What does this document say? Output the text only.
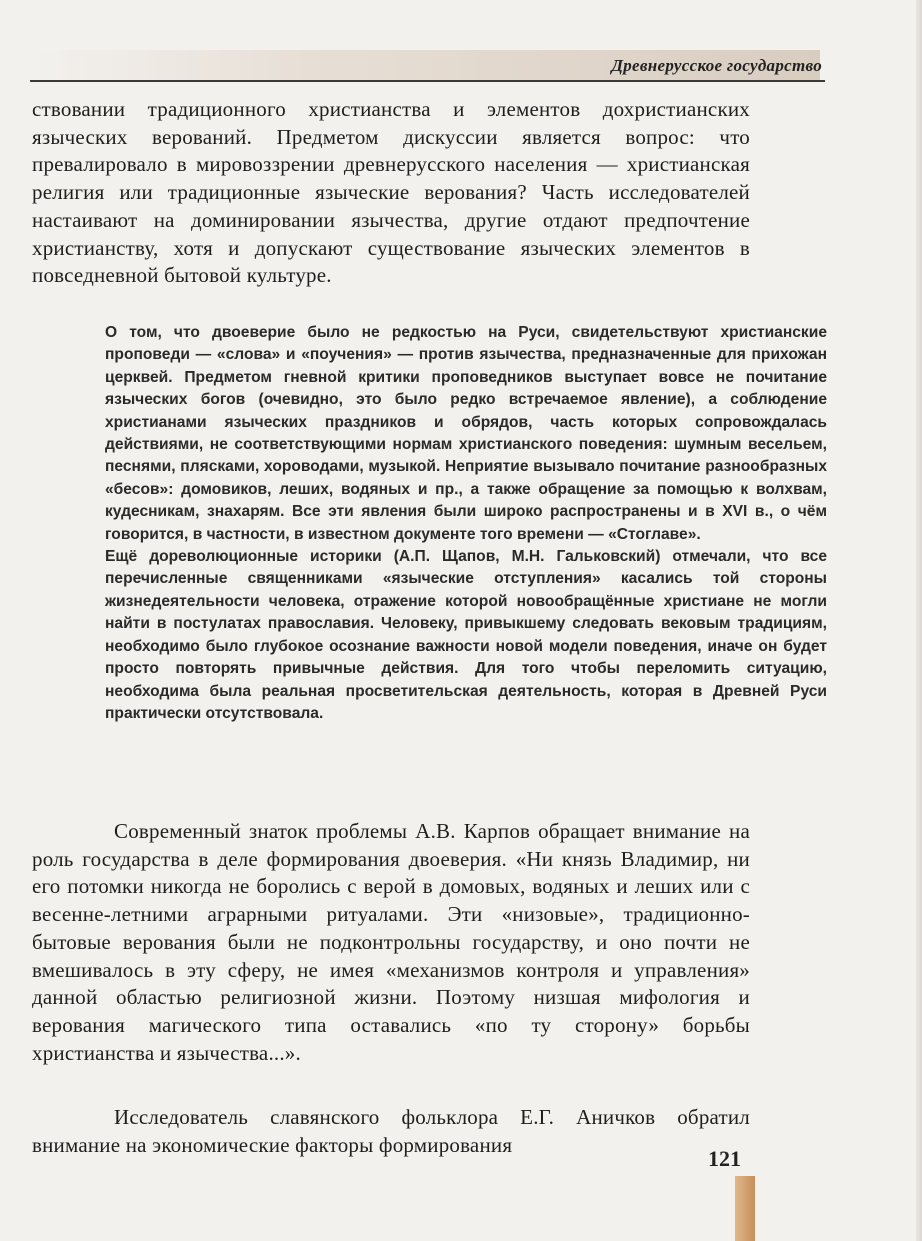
Древнерусское государство

ствовании традиционного христианства и элементов дохристианских языческих верований. Предметом дискуссии является вопрос: что превалировало в мировоззрении древнерусского населения — христианская религия или традиционные языческие верования? Часть исследователей настаивают на доминировании язычества, другие отдают предпочтение христианству, хотя и допускают существование языческих элементов в повседневной бытовой культуре.

О том, что двоеверие было не редкостью на Руси, свидетельствуют христианские проповеди — «слова» и «поучения» — против язычества, предназначенные для прихожан церквей. Предметом гневной критики проповедников выступает вовсе не почитание языческих богов (очевидно, это было редко встречаемое явление), а соблюдение христианами языческих праздников и обрядов, часть которых сопровождалась действиями, не соответствующими нормам христианского поведения: шумным весельем, песнями, плясками, хороводами, музыкой. Неприятие вызывало почитание разнообразных «бесов»: домовиков, леших, водяных и пр., а также обращение за помощью к волхвам, кудесникам, знахарям. Все эти явления были широко распространены и в XVI в., о чём говорится, в частности, в известном документе того времени — «Стоглаве».

Ещё дореволюционные историки (А.П. Щапов, М.Н. Гальковский) отмечали, что все перечисленные священниками «языческие отступления» касались той стороны жизнедеятельности человека, отражение которой новообращённые христиане не могли найти в постулатах православия. Человеку, привыкшему следовать вековым традициям, необходимо было глубокое осознание важности новой модели поведения, иначе он будет просто повторять привычные действия. Для того чтобы переломить ситуацию, необходима была реальная просветительская деятельность, которая в Древней Руси практически отсутствовала.

Современный знаток проблемы А.В. Карпов обращает внимание на роль государства в деле формирования двоеверия. «Ни князь Владимир, ни его потомки никогда не боролись с верой в домовых, водяных и леших или с весенне-летними аграрными ритуалами. Эти «низовые», традиционно-бытовые верования были не подконтрольны государству, и оно почти не вмешивалось в эту сферу, не имея «механизмов контроля и управления» данной областью религиозной жизни. Поэтому низшая мифология и верования магического типа оставались «по ту сторону» борьбы христианства и язычества...».

Исследователь славянского фольклора Е.Г. Аничков обратил внимание на экономические факторы формирования

121
